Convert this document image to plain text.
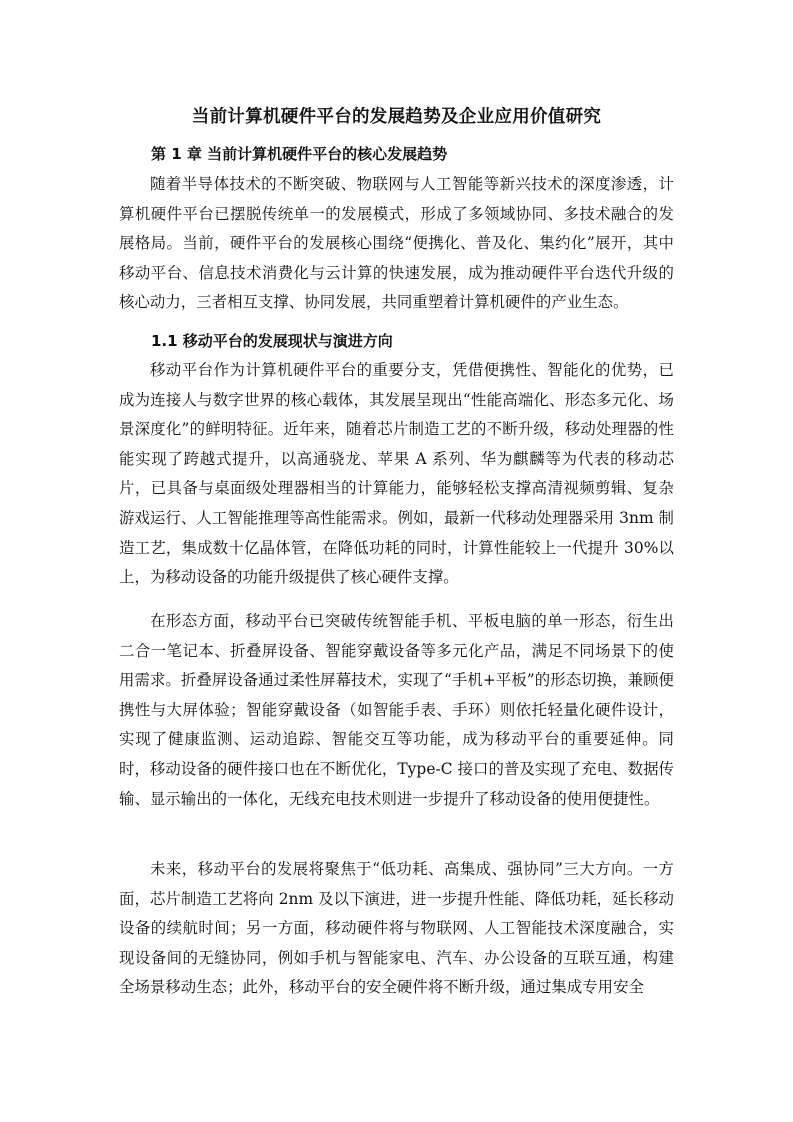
当前计算机硬件平台的发展趋势及企业应用价值研究
第 1 章 当前计算机硬件平台的核心发展趋势

随着半导体技术的不断突破、物联网与人工智能等新兴技术的深度渗透，计算机硬件平台已摆脱传统单一的发展模式，形成了多领域协同、多技术融合的发展格局。当前，硬件平台的发展核心围绕“便携化、普及化、集约化”展开，其中移动平台、信息技术消费化与云计算的快速发展，成为推动硬件平台迭代升级的核心动力，三者相互支撑、协同发展，共同重塑着计算机硬件的产业生态。

1.1 移动平台的发展现状与演进方向

移动平台作为计算机硬件平台的重要分支，凭借便携性、智能化的优势，已成为连接人与数字世界的核心载体，其发展呈现出“性能高端化、形态多元化、场景深度化”的鲜明特征。近年来，随着芯片制造工艺的不断升级，移动处理器的性能实现了跨越式提升，以高通骁龙、苹果 A 系列、华为麒麟等为代表的移动芯片，已具备与桌面级处理器相当的计算能力，能够轻松支撑高清视频剪辑、复杂游戏运行、人工智能推理等高性能需求。例如，最新一代移动处理器采用 3nm 制造工艺，集成数十亿晶体管，在降低功耗的同时，计算性能较上一代提升 30%以上，为移动设备的功能升级提供了核心硬件支撑。

在形态方面，移动平台已突破传统智能手机、平板电脑的单一形态，衍生出二合一笔记本、折叠屏设备、智能穿戴设备等多元化产品，满足不同场景下的使用需求。折叠屏设备通过柔性屏幕技术，实现了“手机+平板”的形态切换，兼顾便携性与大屏体验；智能穿戴设备（如智能手表、手环）则依托轻量化硬件设计，实现了健康监测、运动追踪、智能交互等功能，成为移动平台的重要延伸。同时，移动设备的硬件接口也在不断优化，Type-C 接口的普及实现了充电、数据传输、显示输出的一体化，无线充电技术则进一步提升了移动设备的使用便捷性。

未来，移动平台的发展将聚焦于“低功耗、高集成、强协同”三大方向。一方面，芯片制造工艺将向 2nm 及以下演进，进一步提升性能、降低功耗，延长移动设备的续航时间；另一方面，移动硬件将与物联网、人工智能技术深度融合，实现设备间的无缝协同，例如手机与智能家电、汽车、办公设备的互联互通，构建全场景移动生态；此外，移动平台的安全硬件将不断升级，通过集成专用安全
